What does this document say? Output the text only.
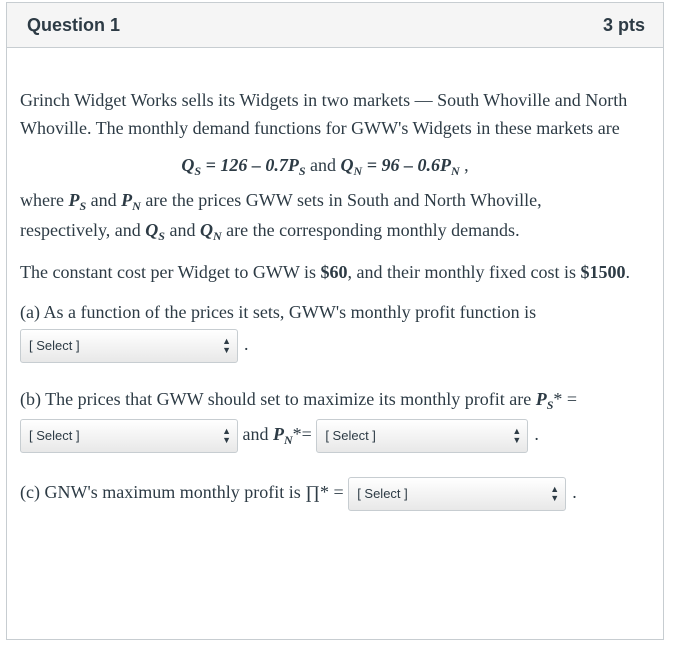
Question 1	3 pts

Grinch Widget Works sells its Widgets in two markets — South Whoville and North Whoville. The monthly demand functions for GWW's Widgets in these markets are

$Q_S = 126 - 0.7P_S$ and $Q_N = 96 - 0.6P_N$ ,

where $P_S$ and $P_N$ are the prices GWW sets in South and North Whoville, respectively, and $Q_S$ and $Q_N$ are the corresponding monthly demands.

The constant cost per Widget to GWW is $60, and their monthly fixed cost is $1500.

(a) As a function of the prices it sets, GWW's monthly profit function is

[ Select ]	▲
▼ .

(b) The prices that GWW should set to maximize its monthly profit are $P_S*$ =

[ Select ]	▲
▼ and $P_N*=$ [ Select ]	▲
▼ .

(c) GNW's maximum monthly profit is ∏* = [ Select ]	▲
▼ .
